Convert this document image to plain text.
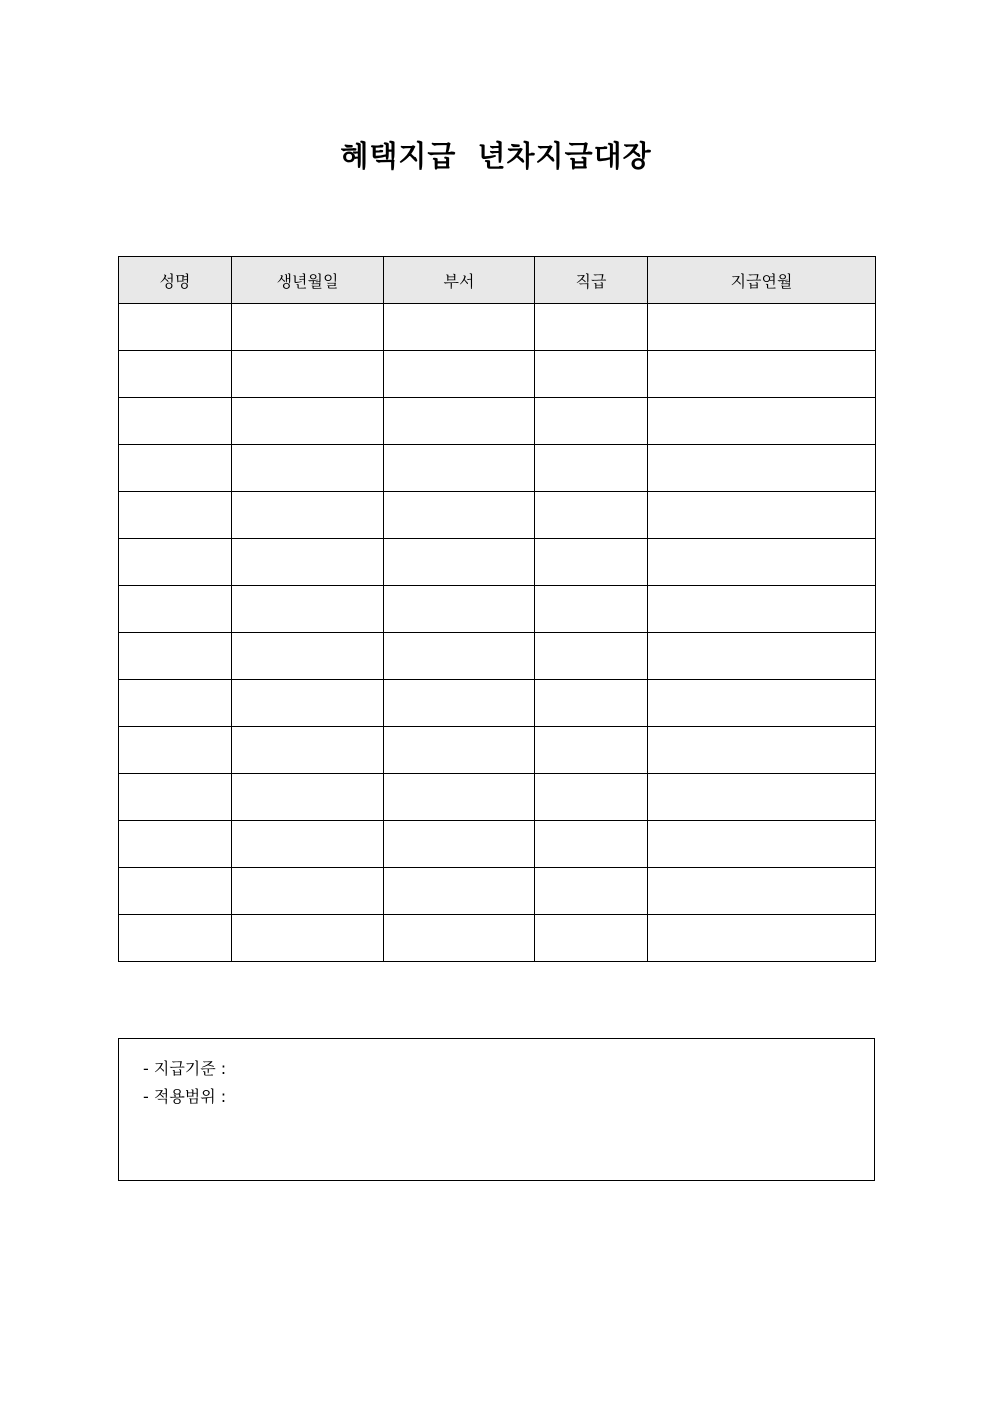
혜택지급 년차지급대장
성명	생년월일	부서	직급	지급연월

- 지급기준 :
- 적용범위 :
